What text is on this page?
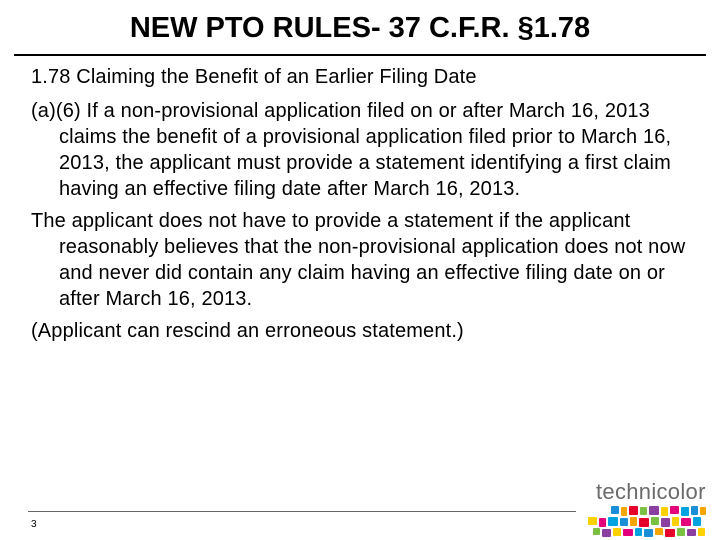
NEW PTO RULES- 37 C.F.R. §1.78

1.78 Claiming the Benefit of an Earlier Filing Date

(a)(6) If a non-provisional application filed on or after March 16, 2013 claims the benefit of a provisional application filed prior to March 16, 2013, the applicant must provide a statement identifying a first claim having an effective filing date after March 16, 2013.

The applicant does not have to provide a statement if the applicant reasonably believes that the non-provisional application does not now and never did contain any claim having an effective filing date on or after March 16, 2013.

(Applicant can rescind an erroneous statement.)

3
technicolor
